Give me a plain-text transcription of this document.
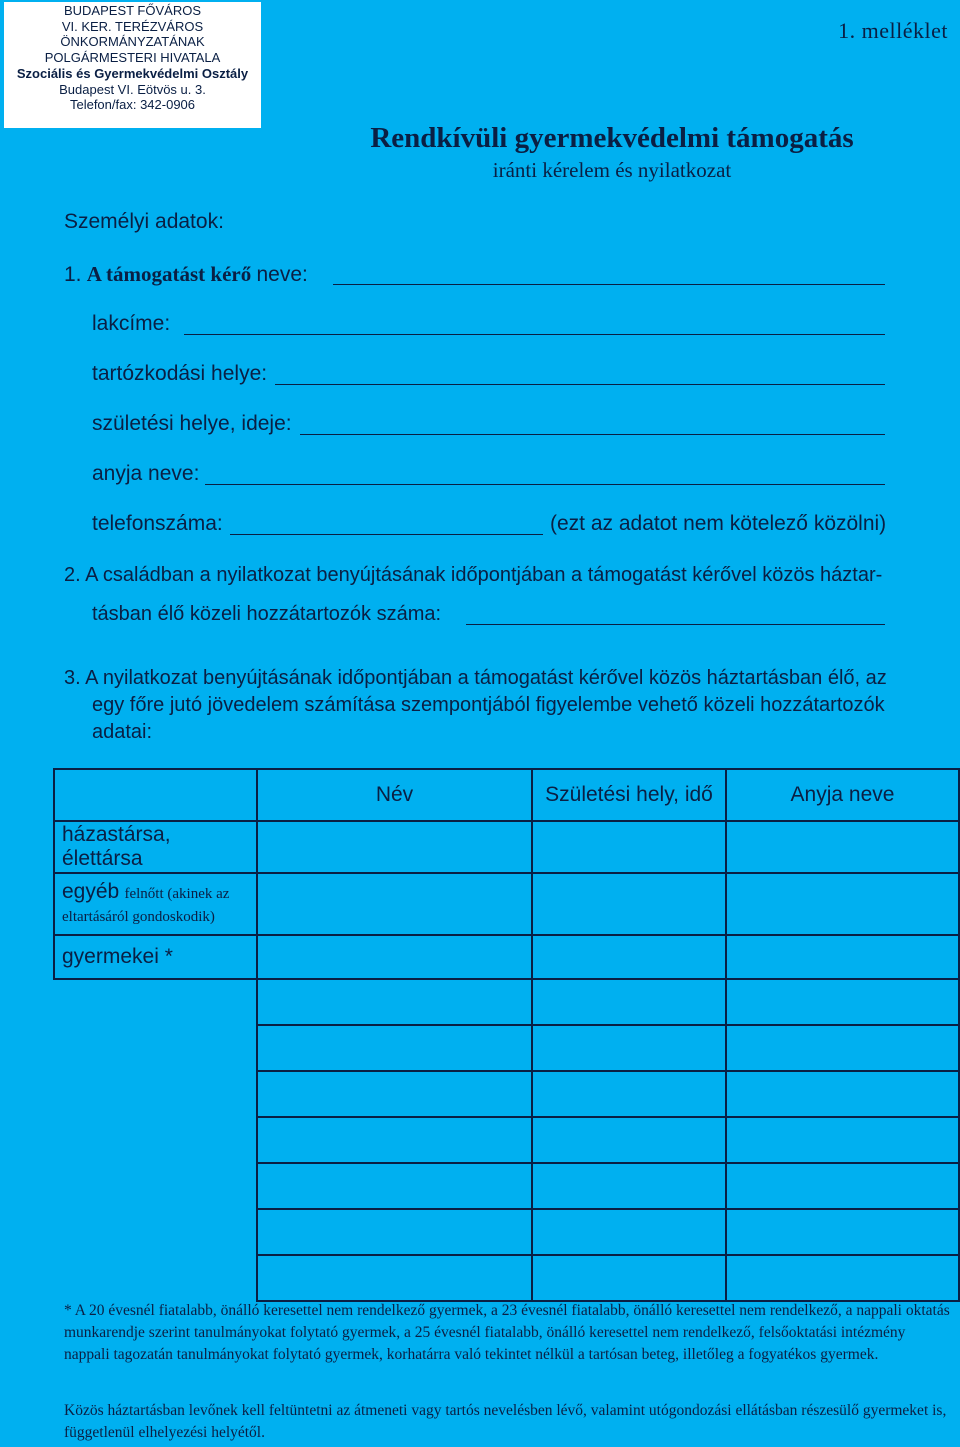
BUDAPEST FŐVÁROS
VI. KER. TERÉZVÁROS
ÖNKORMÁNYZATÁNAK
POLGÁRMESTERI HIVATALA
Szociális és Gyermekvédelmi Osztály
Budapest VI. Eötvös u. 3.
Telefon/fax: 342-0906
1. melléklet
Rendkívüli gyermekvédelmi támogatás
iránti kérelem és nyilatkozat
Személyi adatok:
1. A támogatást kérő neve:
lakcíme:
tartózkodási helye:
születési helye, ideje:
anyja neve:
telefonszáma:	(ezt az adatot nem kötelező közölni)
2. A családban a nyilatkozat benyújtásának időpontjában a támogatást kérővel közös háztar-
tásban élő közeli hozzátartozók száma:
3. A nyilatkozat benyújtásának időpontjában a támogatást kérővel közös háztartásban élő, az
egy főre jutó jövedelem számítása szempontjából figyelembe vehető közeli hozzátartozók
adatai:
	Név	Születési hely, idő	Anyja neve
házastársa, élettársa			
egyéb felnőtt (akinek az
eltartásáról gondoskodik)			
gyermekei *			

* A 20 évesnél fiatalabb, önálló keresettel nem rendelkező gyermek, a 23 évesnél fiatalabb, önálló keresettel nem rendelkező, a nappali oktatás munkarendje szerint tanulmányokat folytató gyermek, a 25 évesnél fiatalabb, önálló keresettel nem rendelkező, felsőoktatási intézmény nappali tagozatán tanulmányokat folytató gyermek, korhatárra való tekintet nélkül a tartósan beteg, illetőleg a fogyatékos gyermek.
Közös háztartásban levőnek kell feltüntetni az átmeneti vagy tartós nevelésben lévő, valamint utógondozási ellátásban részesülő gyermeket is, függetlenül elhelyezési helyétől.
